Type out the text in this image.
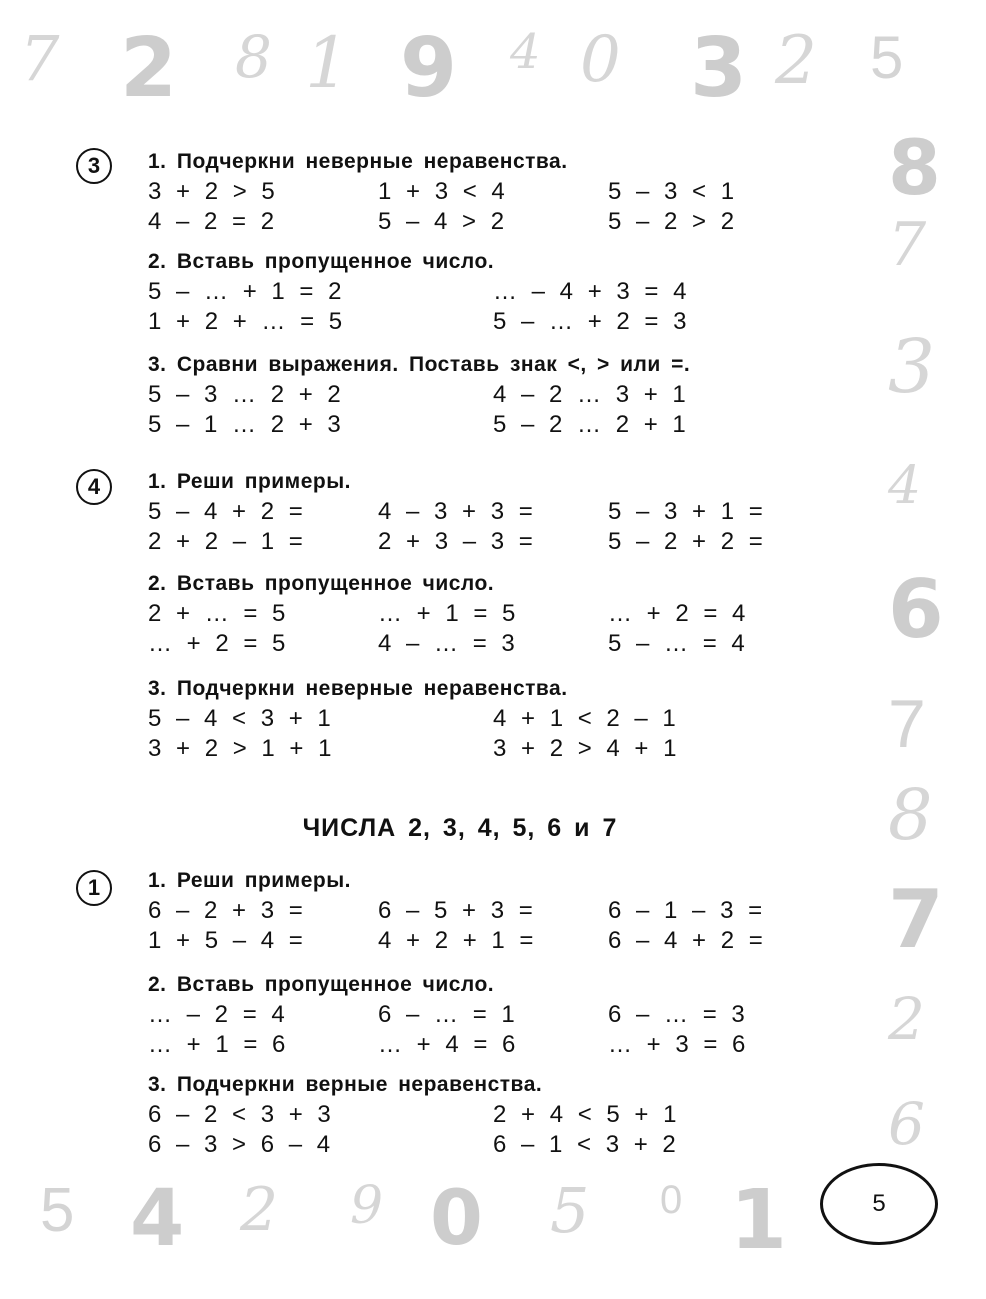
7 2 8 1 9 4 0 3 2 5
8
7
3
4
6
7
8
7
2
6
5 4 2 9 0 5 0 1
3 1. Подчеркни неверные неравенства.
3 + 2 > 5	1 + 3 < 4	5 – 3 < 1
4 – 2 = 2	5 – 4 > 2	5 – 2 > 2
2. Вставь пропущенное число.
5 – … + 1 = 2	… – 4 + 3 = 4
1 + 2 + … = 5	5 – … + 2 = 3
3. Сравни выражения. Поставь знак <, > или =.
5 – 3 … 2 + 2	4 – 2 … 3 + 1
5 – 1 … 2 + 3	5 – 2 … 2 + 1
4 1. Реши примеры.
5 – 4 + 2 =	4 – 3 + 3 =	5 – 3 + 1 =
2 + 2 – 1 =	2 + 3 – 3 =	5 – 2 + 2 =
2. Вставь пропущенное число.
2 + … = 5	… + 1 = 5	… + 2 = 4
… + 2 = 5	4 – … = 3	5 – … = 4
3. Подчеркни неверные неравенства.
5 – 4 < 3 + 1	4 + 1 < 2 – 1
3 + 2 > 1 + 1	3 + 2 > 4 + 1
ЧИСЛА 2, 3, 4, 5, 6 и 7
1 1. Реши примеры.
6 – 2 + 3 =	6 – 5 + 3 =	6 – 1 – 3 =
1 + 5 – 4 =	4 + 2 + 1 =	6 – 4 + 2 =
2. Вставь пропущенное число.
… – 2 = 4	6 – … = 1	6 – … = 3
… + 1 = 6	… + 4 = 6	… + 3 = 6
3. Подчеркни верные неравенства.
6 – 2 < 3 + 3	2 + 4 < 5 + 1
6 – 3 > 6 – 4	6 – 1 < 3 + 2
5
